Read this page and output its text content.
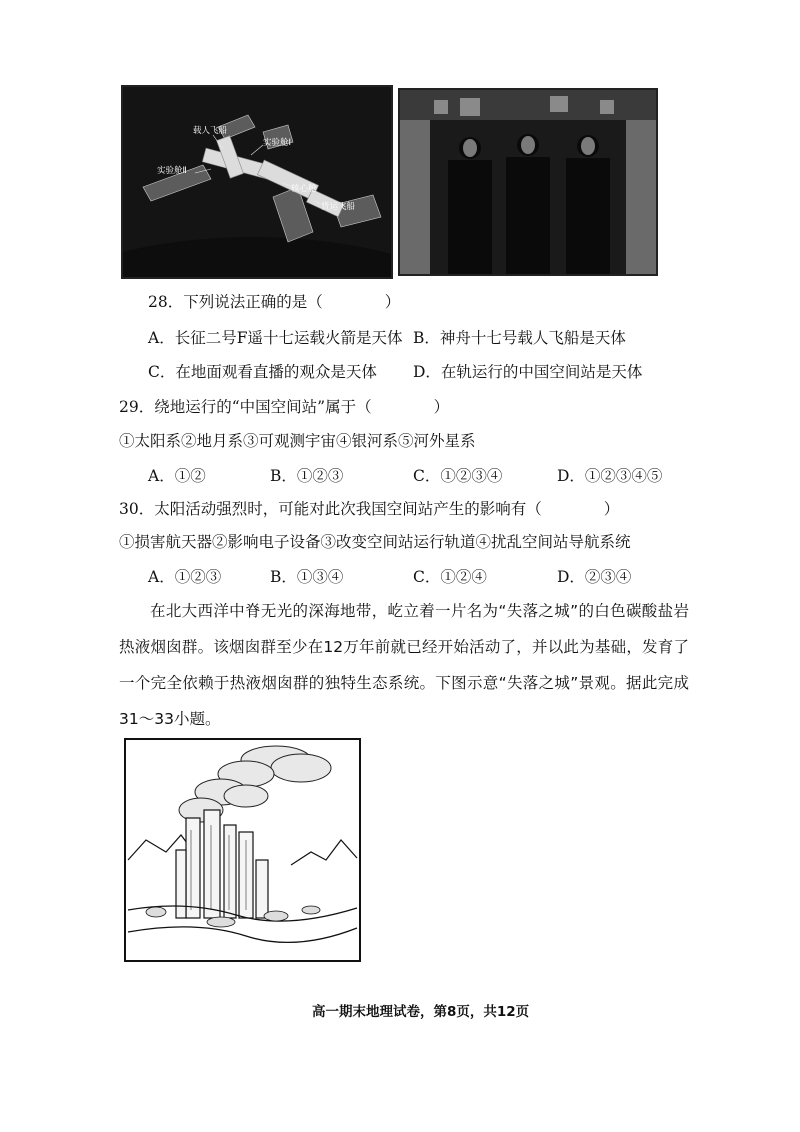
载人飞船
实验舱Ⅰ
实验舱Ⅱ
核心舱
货运飞船
28．下列说法正确的是（　　　　）
A．长征二号F遥十七运载火箭是天体 B．神舟十七号载人飞船是天体
C．在地面观看直播的观众是天体 D．在轨运行的中国空间站是天体
29．绕地运行的“中国空间站”属于（　　　　）
①太阳系②地月系③可观测宇宙④银河系⑤河外星系
A．①②	B．①②③	C．①②③④	D．①②③④⑤
30．太阳活动强烈时，可能对此次我国空间站产生的影响有（　　　　）
①损害航天器②影响电子设备③改变空间站运行轨道④扰乱空间站导航系统
A．①②③	B．①③④	C．①②④	D．②③④
在北大西洋中脊无光的深海地带，屹立着一片名为“失落之城”的白色碳酸盐岩热液烟囱群。该烟囱群至少在12万年前就已经开始活动了，并以此为基础，发育了一个完全依赖于热液烟囱群的独特生态系统。下图示意“失落之城”景观。据此完成31～33小题。
高一期末地理试卷，第8页，共12页
